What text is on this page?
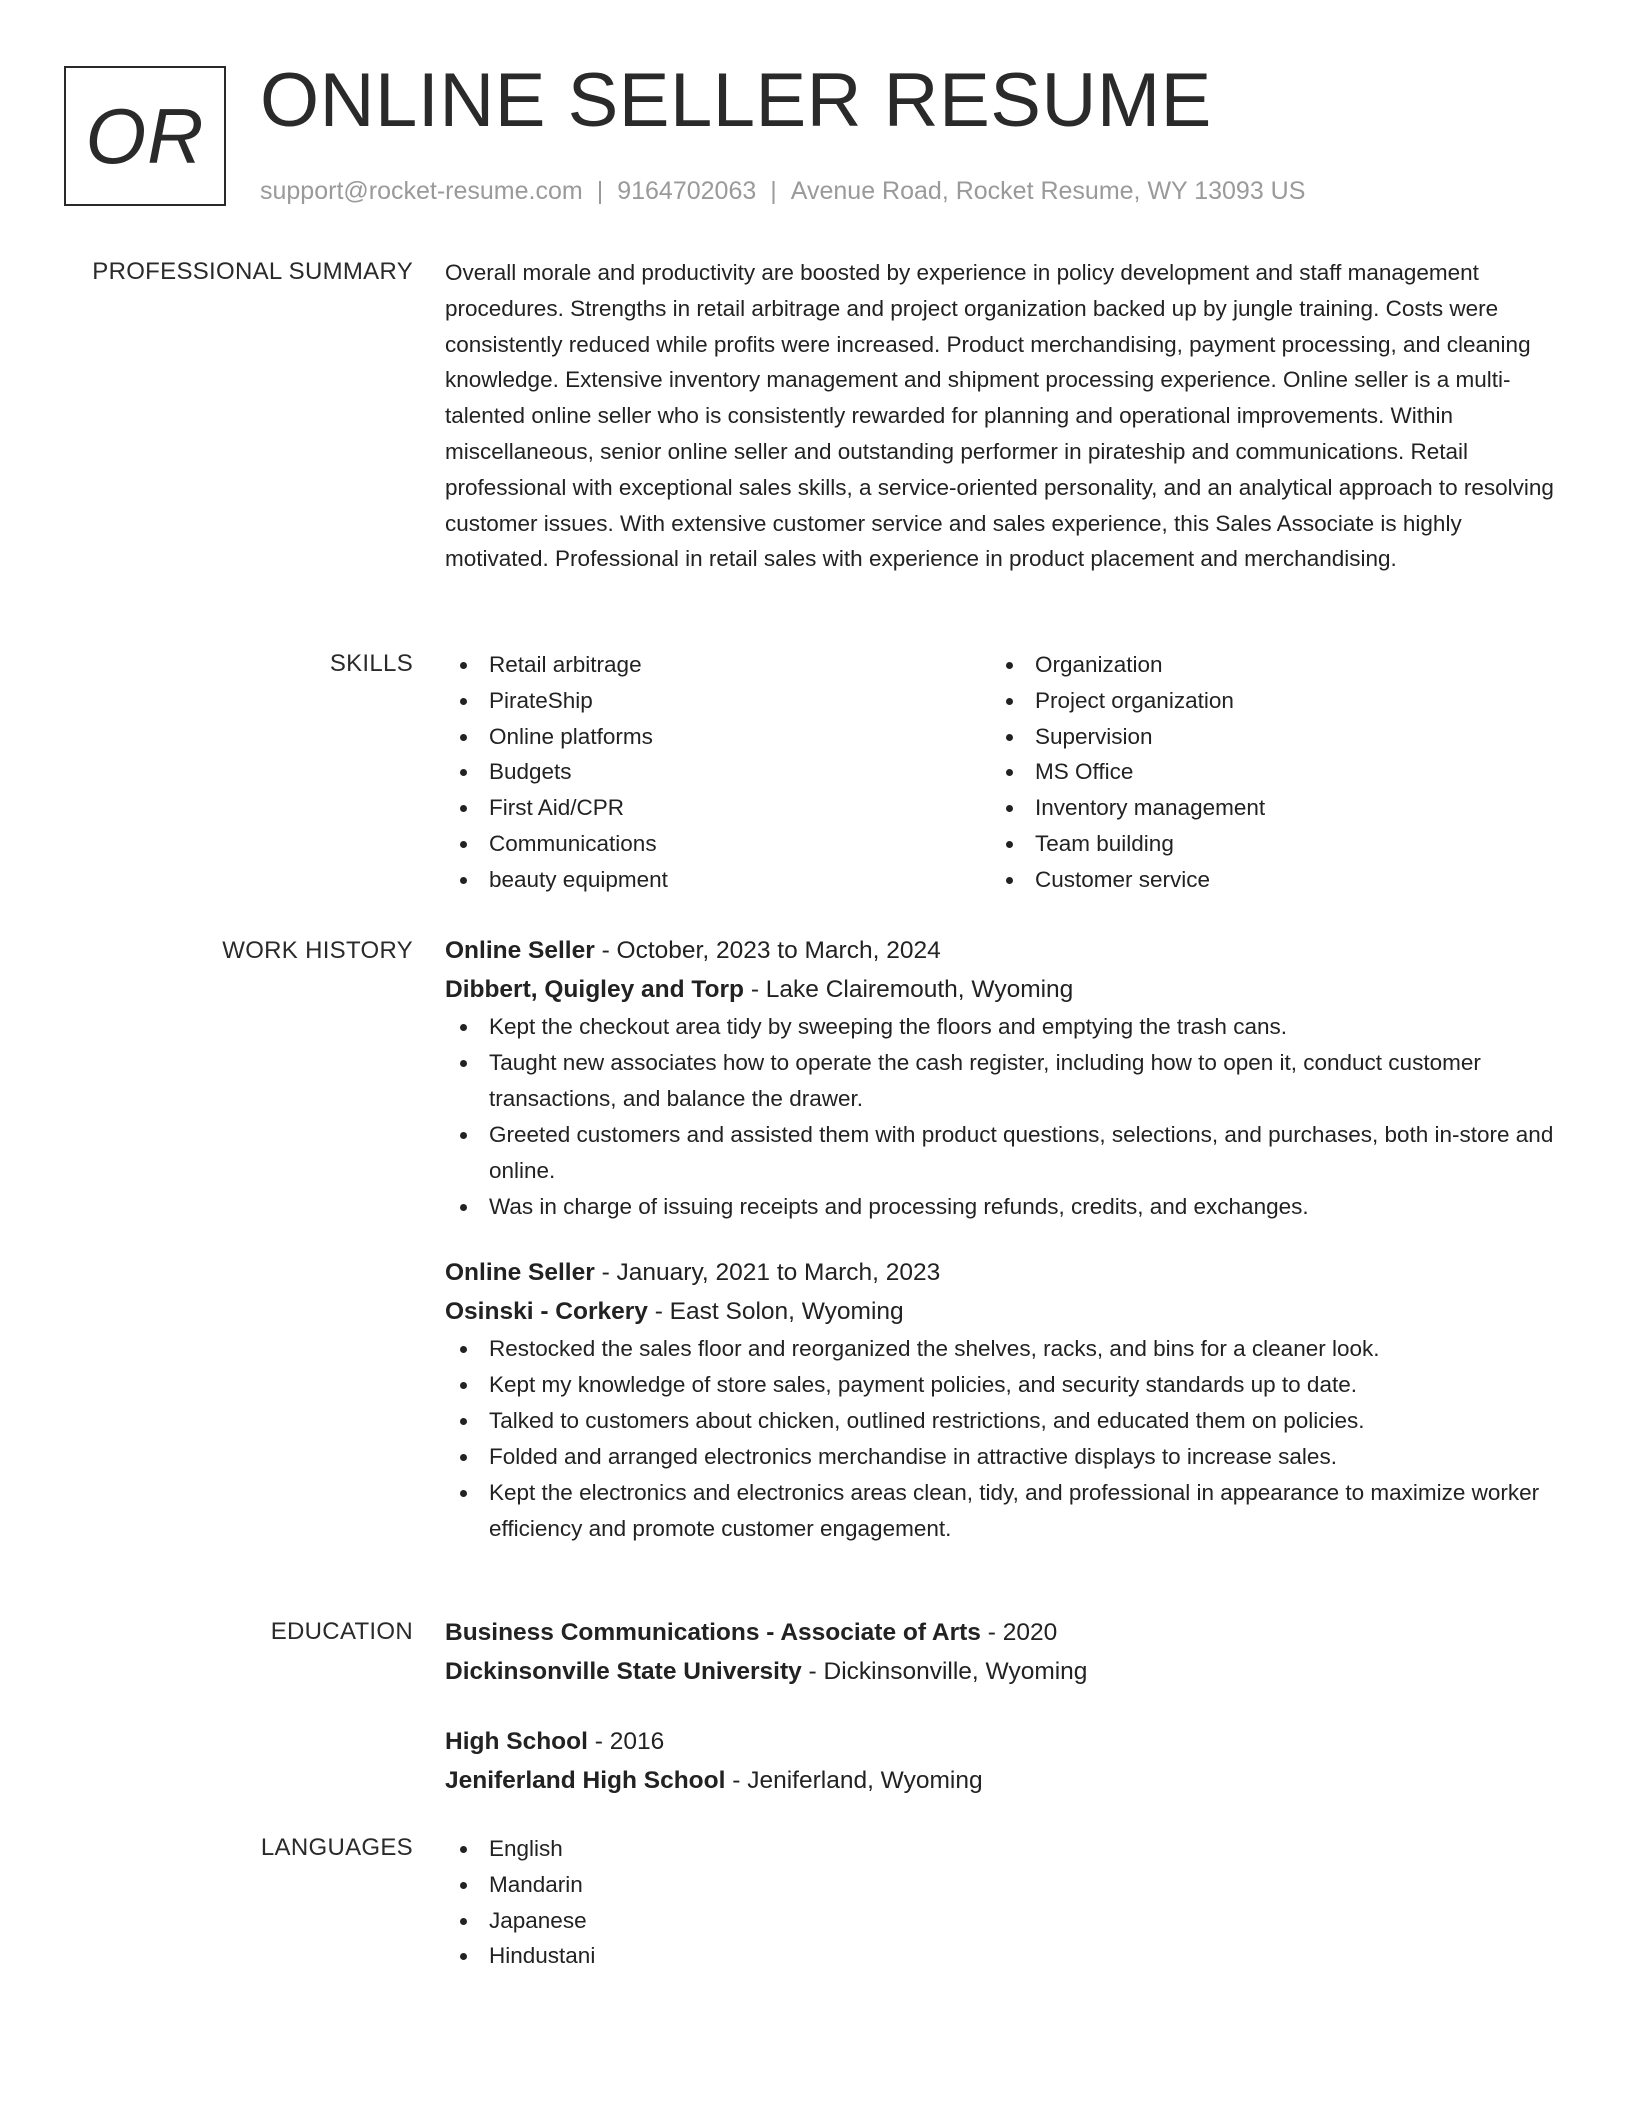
OR ONLINE SELLER RESUME
support@rocket-resume.com | 9164702063 | Avenue Road, Rocket Resume, WY 13093 US
PROFESSIONAL SUMMARY Overall morale and productivity are boosted by experience in policy development and staff management procedures. Strengths in retail arbitrage and project organization backed up by jungle training. Costs were consistently reduced while profits were increased. Product merchandising, payment processing, and cleaning knowledge. Extensive inventory management and shipment processing experience. Online seller is a multi-talented online seller who is consistently rewarded for planning and operational improvements. Within miscellaneous, senior online seller and outstanding performer in pirateship and communications. Retail professional with exceptional sales skills, a service-oriented personality, and an analytical approach to resolving customer issues. With extensive customer service and sales experience, this Sales Associate is highly motivated. Professional in retail sales with experience in product placement and merchandising.

SKILLS	Retail arbitrage
PirateShip
Online platforms
Budgets
First Aid/CPR
Communications
beauty equipment
Organization
Project organization
Supervision
MS Office
Inventory management
Team building
Customer service
WORK HISTORY Online Seller - October, 2023 to March, 2024
Dibbert, Quigley and Torp - Lake Clairemouth, Wyoming
Kept the checkout area tidy by sweeping the floors and emptying the trash cans.
Taught new associates how to operate the cash register, including how to open it, conduct customer transactions, and balance the drawer.
Greeted customers and assisted them with product questions, selections, and purchases, both in-store and online.
Was in charge of issuing receipts and processing refunds, credits, and exchanges.
Online Seller - January, 2021 to March, 2023
Osinski - Corkery - East Solon, Wyoming
Restocked the sales floor and reorganized the shelves, racks, and bins for a cleaner look.
Kept my knowledge of store sales, payment policies, and security standards up to date.
Talked to customers about chicken, outlined restrictions, and educated them on policies.
Folded and arranged electronics merchandise in attractive displays to increase sales.
Kept the electronics and electronics areas clean, tidy, and professional in appearance to maximize worker efficiency and promote customer engagement.
EDUCATION Business Communications - Associate of Arts - 2020
Dickinsonville State University - Dickinsonville, Wyoming
High School - 2016
Jeniferland High School - Jeniferland, Wyoming
LANGUAGES	English
Mandarin
Japanese
Hindustani
